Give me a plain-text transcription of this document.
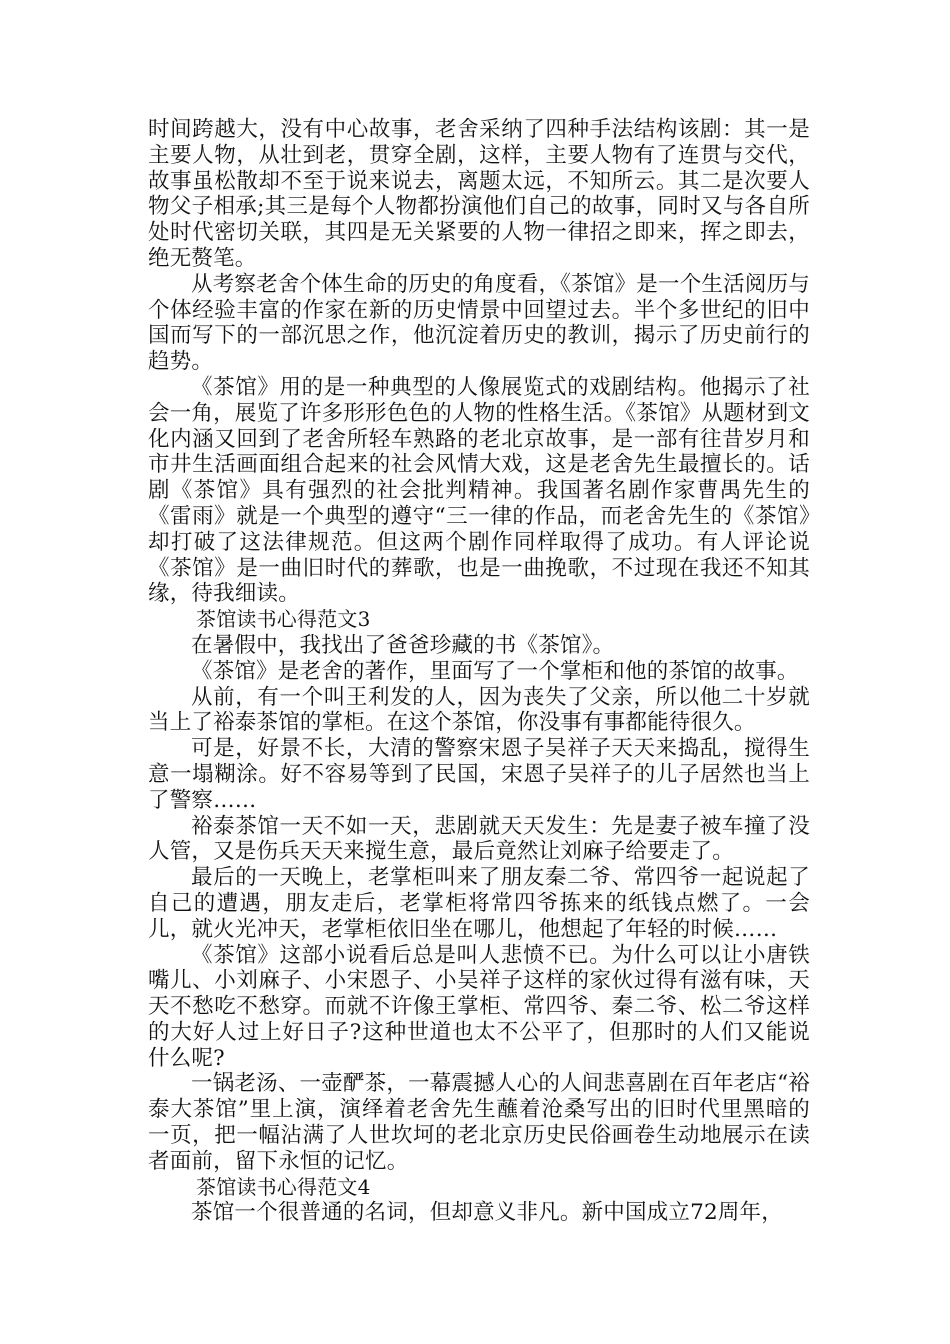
时间跨越大，没有中心故事，老舍采纳了四种手法结构该剧：其一是主要人物，从壮到老，贯穿全剧，这样，主要人物有了连贯与交代，故事虽松散却不至于说来说去，离题太远，不知所云。其二是次要人物父子相承;其三是每个人物都扮演他们自己的故事，同时又与各自所处时代密切关联，其四是无关紧要的人物一律招之即来，挥之即去，绝无赘笔。

从考察老舍个体生命的历史的角度看，《茶馆》是一个生活阅历与个体经验丰富的作家在新的历史情景中回望过去。半个多世纪的旧中国而写下的一部沉思之作，他沉淀着历史的教训，揭示了历史前行的趋势。

《茶馆》用的是一种典型的人像展览式的戏剧结构。他揭示了社会一角，展览了许多形形色色的人物的性格生活。《茶馆》从题材到文化内涵又回到了老舍所轻车熟路的老北京故事，是一部有往昔岁月和市井生活画面组合起来的社会风情大戏，这是老舍先生最擅长的。话剧《茶馆》具有强烈的社会批判精神。我国著名剧作家曹禺先生的《雷雨》就是一个典型的遵守“三一律的作品，而老舍先生的《茶馆》却打破了这法律规范。但这两个剧作同样取得了成功。有人评论说《茶馆》是一曲旧时代的葬歌，也是一曲挽歌，不过现在我还不知其缘，待我细读。

茶馆读书心得范文3

在暑假中，我找出了爸爸珍藏的书《茶馆》。

《茶馆》是老舍的著作，里面写了一个掌柜和他的茶馆的故事。

从前，有一个叫王利发的人，因为丧失了父亲，所以他二十岁就当上了裕泰茶馆的掌柜。在这个茶馆，你没事有事都能待很久。

可是，好景不长，大清的警察宋恩子吴祥子天天来捣乱，搅得生意一塌糊涂。好不容易等到了民国，宋恩子吴祥子的儿子居然也当上了警察……

裕泰茶馆一天不如一天，悲剧就天天发生：先是妻子被车撞了没人管，又是伤兵天天来搅生意，最后竟然让刘麻子给要走了。

最后的一天晚上，老掌柜叫来了朋友秦二爷、常四爷一起说起了自己的遭遇，朋友走后，老掌柜将常四爷拣来的纸钱点燃了。一会儿，就火光冲天，老掌柜依旧坐在哪儿，他想起了年轻的时候……

《茶馆》这部小说看后总是叫人悲愤不已。为什么可以让小唐铁嘴儿、小刘麻子、小宋恩子、小吴祥子这样的家伙过得有滋有味，天天不愁吃不愁穿。而就不许像王掌柜、常四爷、秦二爷、松二爷这样的大好人过上好日子?这种世道也太不公平了，但那时的人们又能说什么呢?

一锅老汤、一壶酽茶，一幕震撼人心的人间悲喜剧在百年老店“裕泰大茶馆”里上演，演绎着老舍先生蘸着沧桑写出的旧时代里黑暗的一页，把一幅沾满了人世坎坷的老北京历史民俗画卷生动地展示在读者面前，留下永恒的记忆。

茶馆读书心得范文4

茶馆一个很普通的名词，但却意义非凡。新中国成立72周年，
